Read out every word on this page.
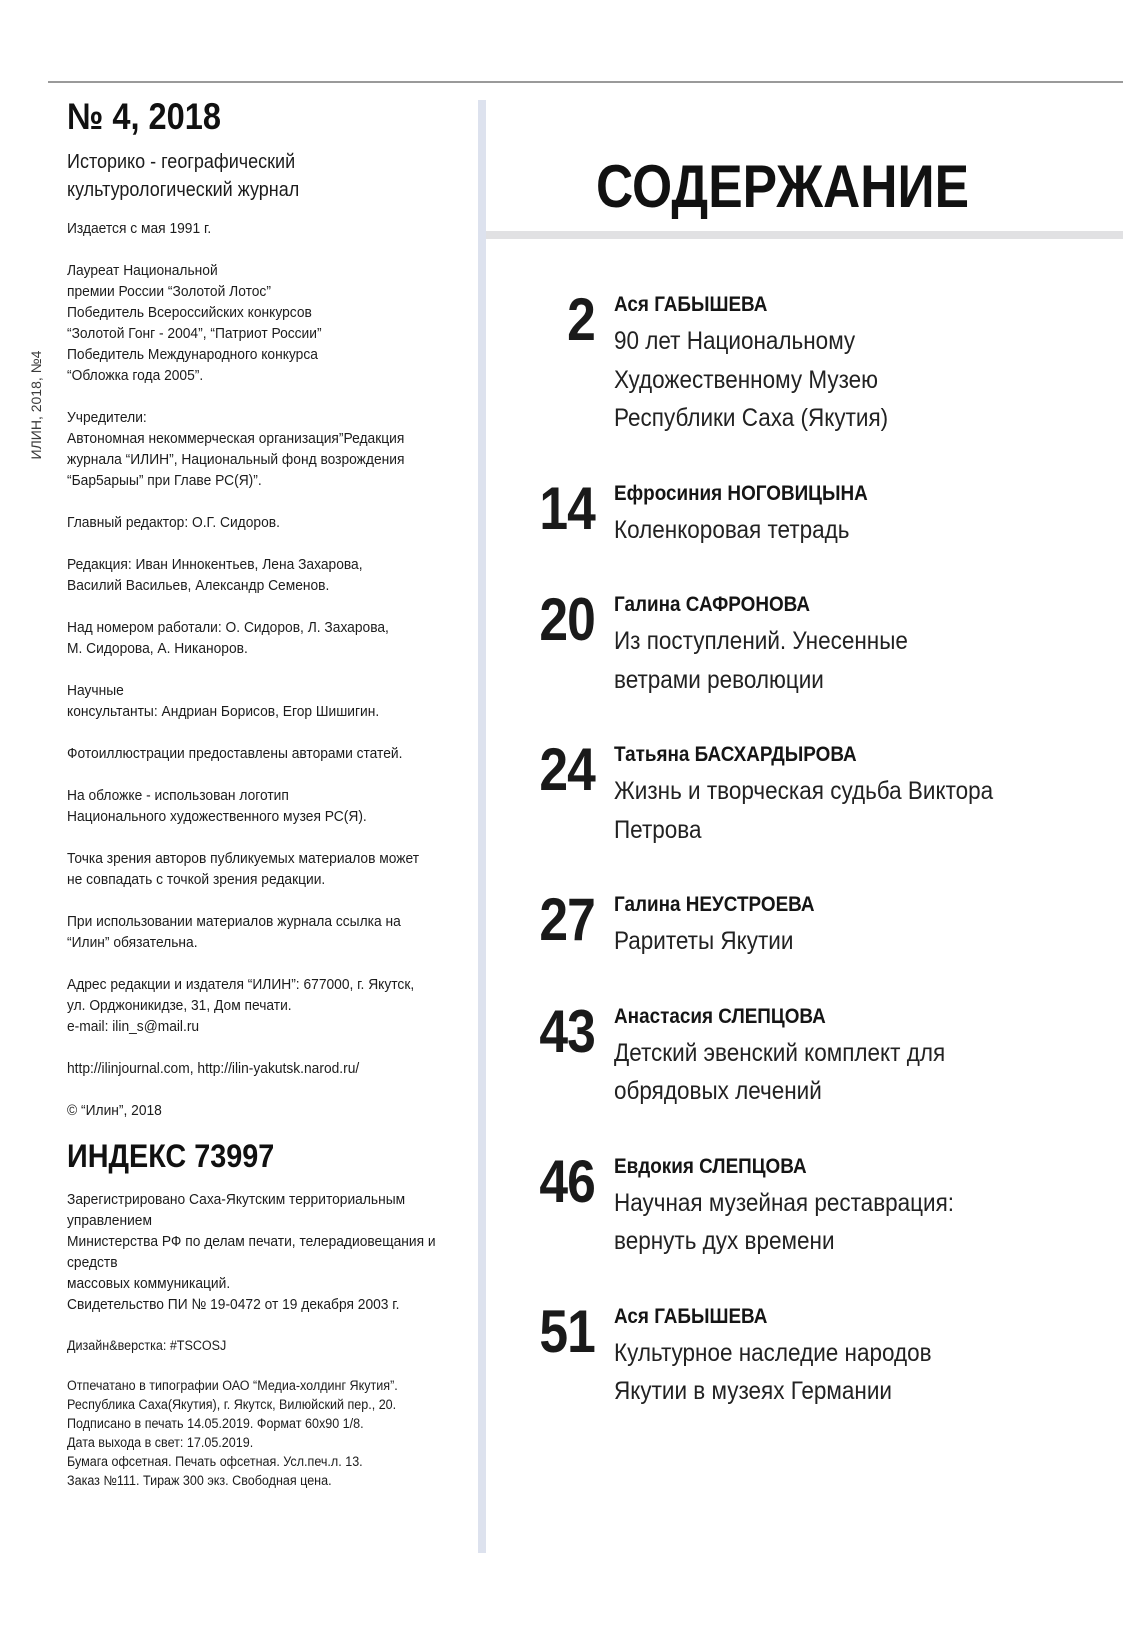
ИЛИН, 2018, №4
№ 4, 2018
Историко - географический
культурологический журнал

Издается с мая 1991 г.

Лауреат Национальной
премии России “Золотой Лотос”
Победитель Всероссийских конкурсов
“Золотой Гонг - 2004”, “Патриот России”
Победитель Международного конкурса
“Обложка года 2005”.

Учредители:
Автономная некоммерческая организация”Редакция
журнала “ИЛИН”, Национальный фонд возрождения
“Бар5арыы” при Главе РС(Я)”.

Главный редактор: О.Г. Сидоров.

Редакция: Иван Иннокентьев, Лена Захарова,
Василий Васильев, Александр Семенов.

Над номером работали: О. Сидоров, Л. Захарова,
М. Сидорова, А. Никаноров.

Научные
консультанты: Андриан Борисов, Егор Шишигин.

Фотоиллюстрации предоставлены авторами статей.

На обложке - использован логотип
Национального художественного музея РС(Я).

Точка зрения авторов публикуемых материалов может
не совпадать с точкой зрения редакции.

При использовании материалов журнала ссылка на
“Илин” обязательна.

Адрес редакции и издателя “ИЛИН”: 677000, г. Якутск,
ул. Орджоникидзе, 31, Дом печати.
e-mail: ilin_s@mail.ru

http://ilinjournal.com, http://ilin-yakutsk.narod.ru/

© “Илин”, 2018

ИНДЕКС 73997

Зарегистрировано Саха-Якутским территориальным
управлением
Министерства РФ по делам печати, телерадиовещания и
средств
массовых коммуникаций.
Свидетельство ПИ № 19-0472 от 19 декабря 2003 г.

Дизайн&верстка: #TSCOSJ

Отпечатано в типографии ОАО “Медиа-холдинг Якутия”.
Республика Саха(Якутия), г. Якутск, Вилюйский пер., 20.
Подписано в печать 14.05.2019. Формат 60х90 1/8.
Дата выхода в свет: 17.05.2019.
Бумага офсетная. Печать офсетная. Усл.печ.л. 13.
Заказ №111. Тираж 300 экз. Свободная цена.

СОДЕРЖАНИЕ
2 Ася ГАБЫШЕВА
90 лет Национальному
Художественному Музею
Республики Саха (Якутия)
14 Ефросиния НОГОВИЦЫНА
Коленкоровая тетрадь
20 Галина САФРОНОВА
Из поступлений. Унесенные
ветрами революции
24 Татьяна БАСХАРДЫРОВА
Жизнь и творческая судьба Виктора
Петрова
27 Галина НЕУСТРОЕВА
Раритеты Якутии
43 Анастасия СЛЕПЦОВА
Детский эвенский комплект для
обрядовых лечений
46 Евдокия СЛЕПЦОВА
Научная музейная реставрация:
вернуть дух времени
51 Ася ГАБЫШЕВА
Культурное наследие народов
Якутии в музеях Германии
